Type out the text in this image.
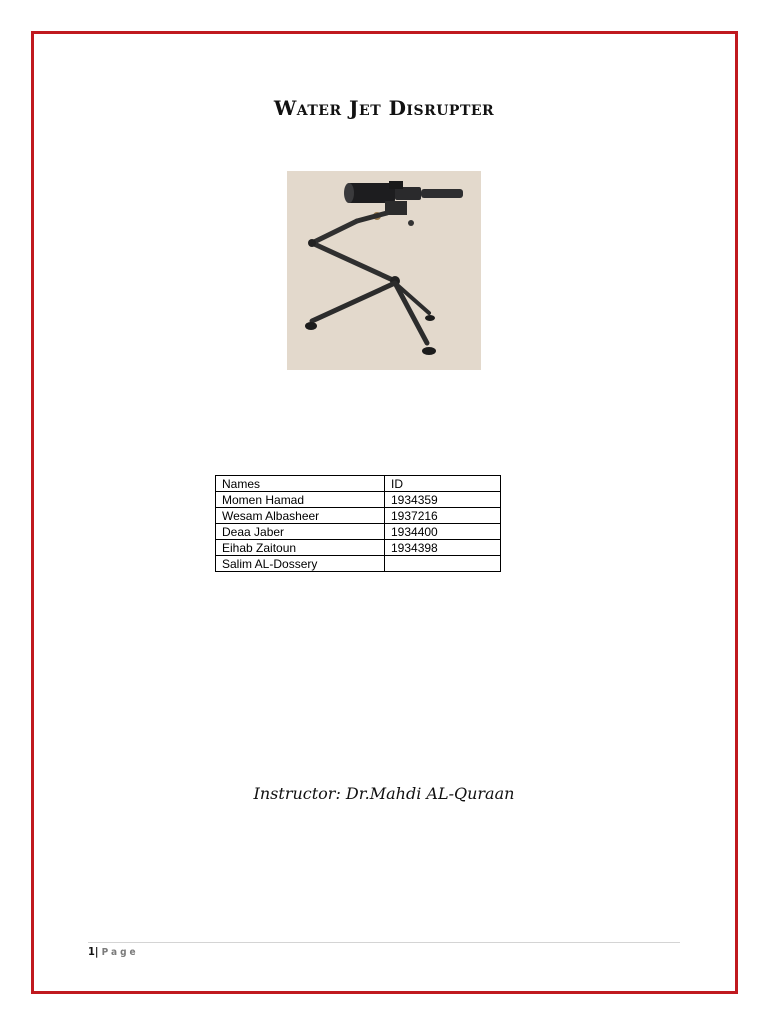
Water Jet Disrupter
Names	ID
Momen Hamad	1934359
Wesam Albasheer	1937216
Deaa Jaber	1934400
Eihab Zaitoun	1934398
Salim AL-Dossery	
Instructor: Dr.Mahdi AL-Quraan
1| Page
